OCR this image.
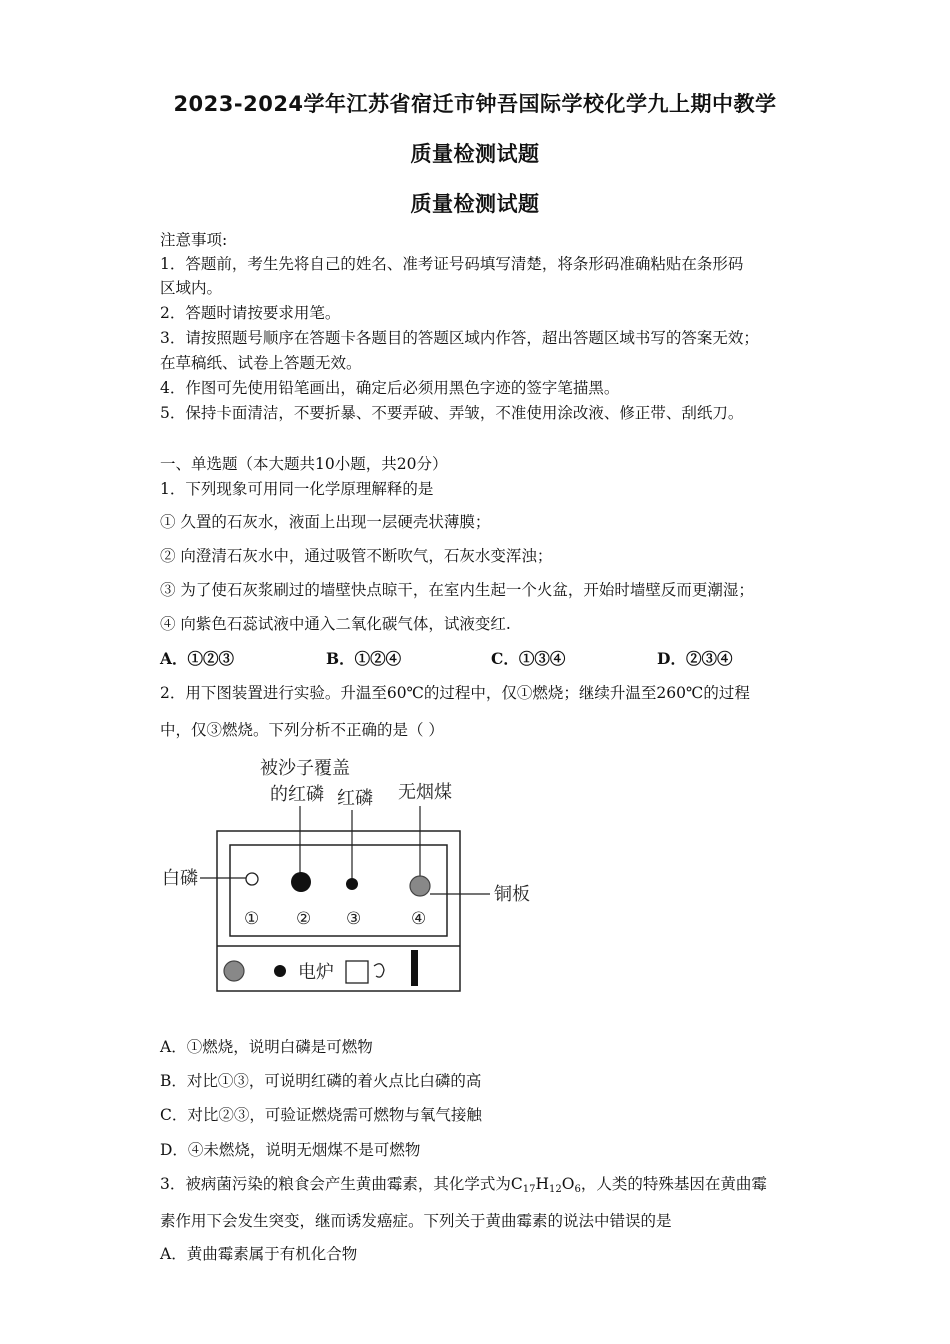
2023-2024学年江苏省宿迁市钟吾国际学校化学九上期中教学
质量检测试题
质量检测试题
注意事项:
1．答题前，考生先将自己的姓名、准考证号码填写清楚，将条形码准确粘贴在条形码
区域内。
2．答题时请按要求用笔。
3．请按照题号顺序在答题卡各题目的答题区域内作答，超出答题区域书写的答案无效；
在草稿纸、试卷上答题无效。
4．作图可先使用铅笔画出，确定后必须用黑色字迹的签字笔描黑。
5．保持卡面清洁，不要折暴、不要弄破、弄皱，不准使用涂改液、修正带、刮纸刀。
一、单选题（本大题共10小题，共20分）
1．下列现象可用同一化学原理解释的是
① 久置的石灰水，液面上出现一层硬壳状薄膜；
② 向澄清石灰水中，通过吸管不断吹气，石灰水变浑浊；
③ 为了使石灰浆刷过的墙壁快点晾干，在室内生起一个火盆，开始时墙壁反而更潮湿；
④ 向紫色石蕊试液中通入二氧化碳气体，试液变红.
A．①②③	B．①②④	C．①③④	D．②③④
2．用下图装置进行实验。升温至60℃的过程中，仅①燃烧；继续升温至260℃的过程
中，仅③燃烧。下列分析不正确的是（ ）
被沙子覆盖
的红磷 红磷 无烟煤
白磷
铜板
① ② ③	④
电炉
A．①燃烧，说明白磷是可燃物
B．对比①③，可说明红磷的着火点比白磷的高
C．对比②③，可验证燃烧需可燃物与氧气接触
D．④未燃烧，说明无烟煤不是可燃物
3．被病菌污染的粮食会产生黄曲霉素，其化学式为$C_{17}H_{12}O_6$，人类的特殊基因在黄曲霉
素作用下会发生突变，继而诱发癌症。下列关于黄曲霉素的说法中错误的是
A．黄曲霉素属于有机化合物
